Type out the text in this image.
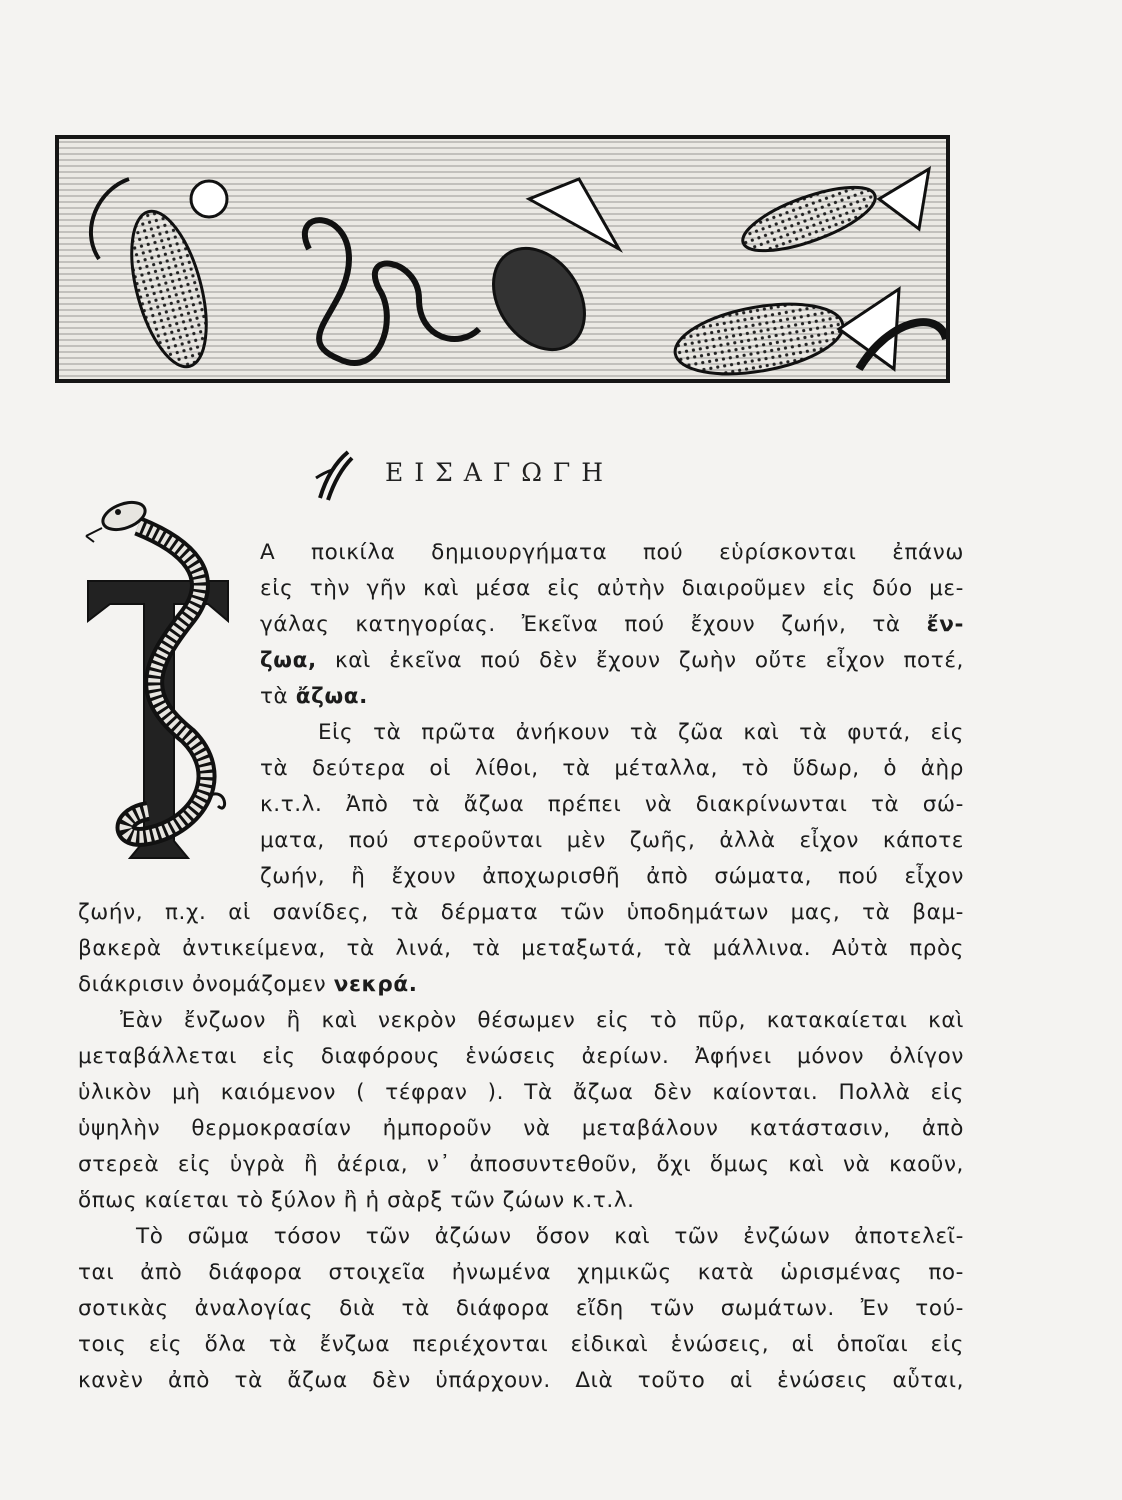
ΕΙΣΑΓΩΓΗ

Α ποικίλα δημιουργήματα πού εὑρίσκονται ἐπάνω

εἰς τὴν γῆν καὶ μέσα εἰς αὐτὴν διαιροῦμεν εἰς δύο με-

γάλας κατηγορίας. Ἐκεῖνα πού ἔχουν ζωήν, τὰ ἔν-

ζωα, καὶ ἐκεῖνα πού δὲν ἔχουν ζωὴν οὔτε εἶχον ποτέ,

τὰ ἄζωα.

Εἰς τὰ πρῶτα ἀνήκουν τὰ ζῶα καὶ τὰ φυτά, εἰς

τὰ δεύτερα οἱ λίθοι, τὰ μέταλλα, τὸ ὕδωρ, ὁ ἀὴρ

κ.τ.λ. Ἀπὸ τὰ ἄζωα πρέπει νὰ διακρίνωνται τὰ σώ-

ματα, πού στεροῦνται μὲν ζωῆς, ἀλλὰ εἶχον κάποτε

ζωήν, ἢ ἔχουν ἀποχωρισθῆ ἀπὸ σώματα, πού εἶχον

ζωήν, π.χ. αἱ σανίδες, τὰ δέρματα τῶν ὑποδημάτων μας, τὰ βαμ-

βακερὰ ἀντικείμενα, τὰ λινά, τὰ μεταξωτά, τὰ μάλλινα. Αὐτὰ πρὸς

διάκρισιν ὀνομάζομεν νεκρά.

Ἐὰν ἔνζωον ἢ καὶ νεκρὸν θέσωμεν εἰς τὸ πῦρ, κατακαίεται καὶ

μεταβάλλεται εἰς διαφόρους ἑνώσεις ἀερίων. Ἀφήνει μόνον ὀλίγον

ὑλικὸν μὴ καιόμενον ( τέφραν ). Τὰ ἄζωα δὲν καίονται. Πολλὰ εἰς

ὑψηλὴν θερμοκρασίαν ἠμποροῦν νὰ μεταβάλουν κατάστασιν, ἀπὸ

στερεὰ εἰς ὑγρὰ ἢ ἀέρια, ν᾽ ἀποσυντεθοῦν, ὄχι ὅμως καὶ νὰ καοῦν,

ὅπως καίεται τὸ ξύλον ἢ ἡ σὰρξ τῶν ζώων κ.τ.λ.

Τὸ σῶμα τόσον τῶν ἀζώων ὅσον καὶ τῶν ἐνζώων ἀποτελεῖ-

ται ἀπὸ διάφορα στοιχεῖα ἠνωμένα χημικῶς κατὰ ὡρισμένας πο-

σοτικὰς ἀναλογίας διὰ τὰ διάφορα εἴδη τῶν σωμάτων. Ἐν τού-

τοις εἰς ὅλα τὰ ἔνζωα περιέχονται εἰδικαὶ ἑνώσεις, αἱ ὁποῖαι εἰς

κανὲν ἀπὸ τὰ ἄζωα δὲν ὑπάρχουν. Διὰ τοῦτο αἱ ἑνώσεις αὗται,
